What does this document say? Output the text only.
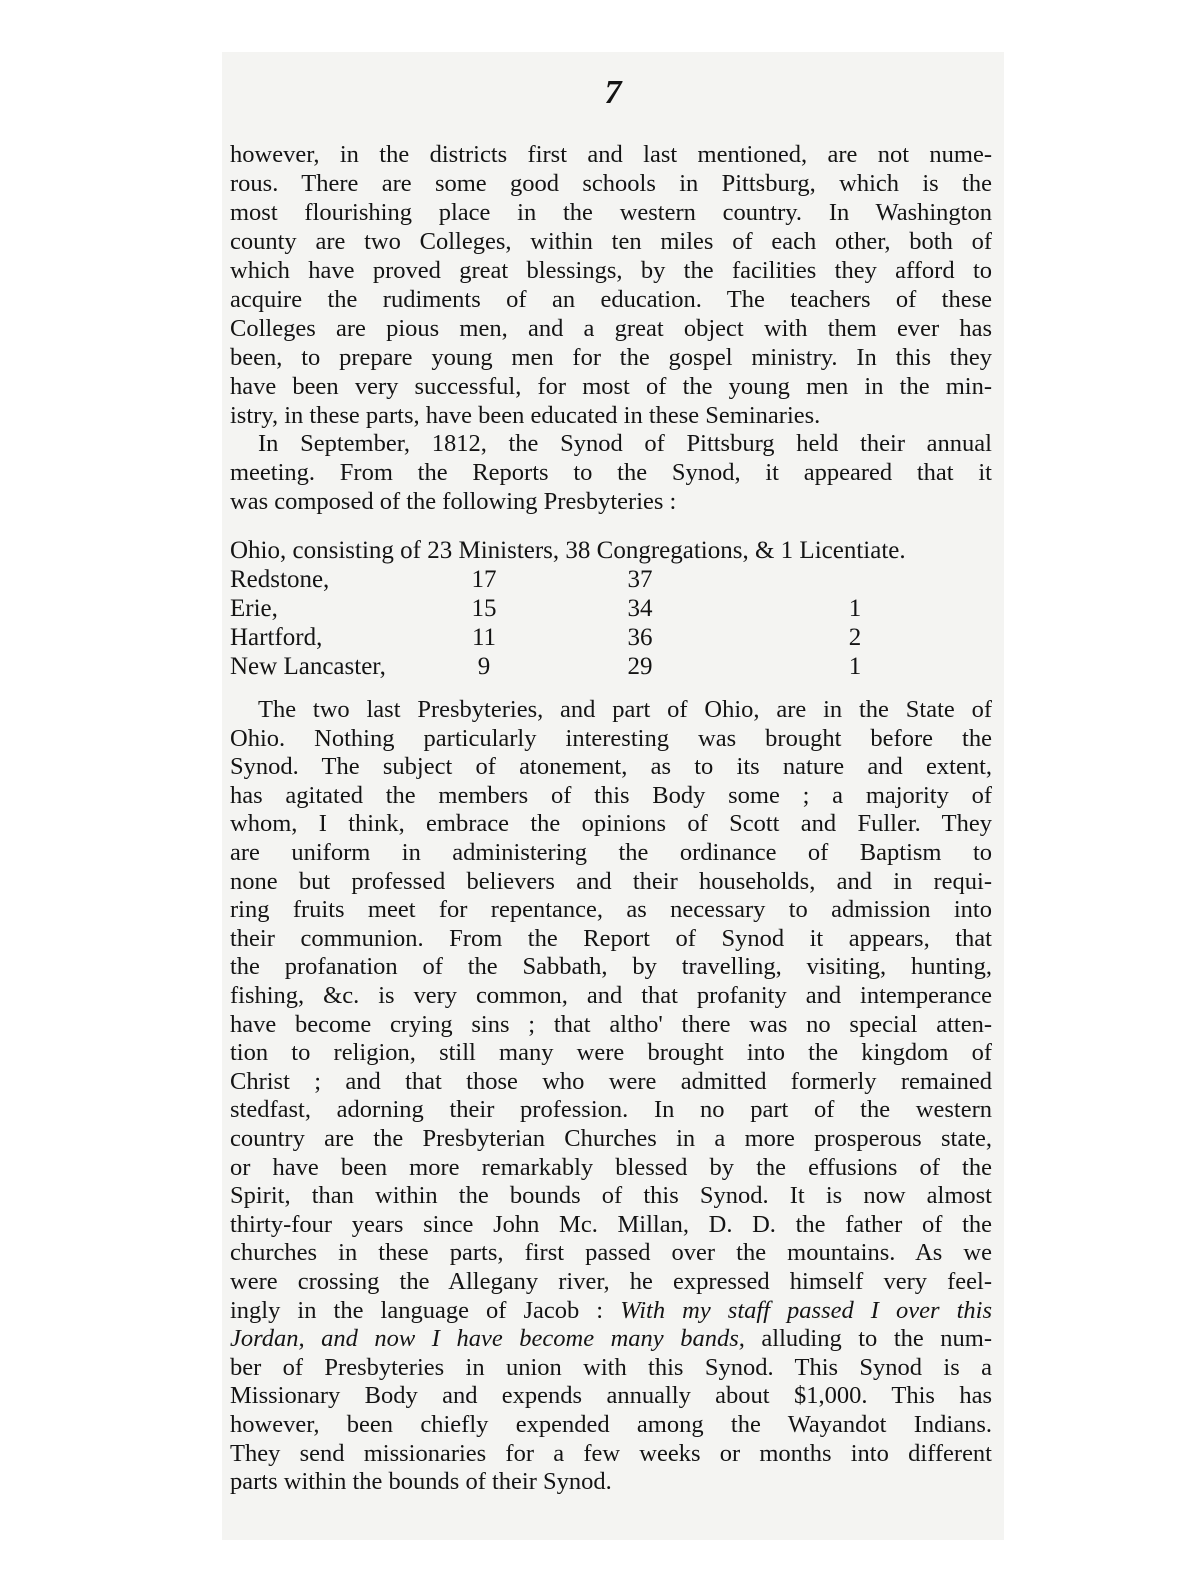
7
however, in the districts first and last mentioned, are not nume-
rous. There are some good schools in Pittsburg, which is the
most flourishing place in the western country. In Washington
county are two Colleges, within ten miles of each other, both of
which have proved great blessings, by the facilities they afford to
acquire the rudiments of an education. The teachers of these
Colleges are pious men, and a great object with them ever has
been, to prepare young men for the gospel ministry. In this they
have been very successful, for most of the young men in the min-
istry, in these parts, have been educated in these Seminaries.
In September, 1812, the Synod of Pittsburg held their annual
meeting. From the Reports to the Synod, it appeared that it
was composed of the following Presbyteries :
Ohio, consisting of 23 Ministers, 38 Congregations, & 1 Licentiate.
Redstone,	17	37
Erie,	15	34	1
Hartford,	11	36	2
New Lancaster,	9	29	1
The two last Presbyteries, and part of Ohio, are in the State of
Ohio. Nothing particularly interesting was brought before the
Synod. The subject of atonement, as to its nature and extent,
has agitated the members of this Body some ; a majority of
whom, I think, embrace the opinions of Scott and Fuller. They
are uniform in administering the ordinance of Baptism to
none but professed believers and their households, and in requi-
ring fruits meet for repentance, as necessary to admission into
their communion. From the Report of Synod it appears, that
the profanation of the Sabbath, by travelling, visiting, hunting,
fishing, &c. is very common, and that profanity and intemperance
have become crying sins ; that altho' there was no special atten-
tion to religion, still many were brought into the kingdom of
Christ ; and that those who were admitted formerly remained
stedfast, adorning their profession. In no part of the western
country are the Presbyterian Churches in a more prosperous state,
or have been more remarkably blessed by the effusions of the
Spirit, than within the bounds of this Synod. It is now almost
thirty-four years since John Mc. Millan, D. D. the father of the
churches in these parts, first passed over the mountains. As we
were crossing the Allegany river, he expressed himself very feel-
ingly in the language of Jacob : With my staff passed I over this
Jordan, and now I have become many bands, alluding to the num-
ber of Presbyteries in union with this Synod. This Synod is a
Missionary Body and expends annually about $1,000. This has
however, been chiefly expended among the Wayandot Indians.
They send missionaries for a few weeks or months into different
parts within the bounds of their Synod.
